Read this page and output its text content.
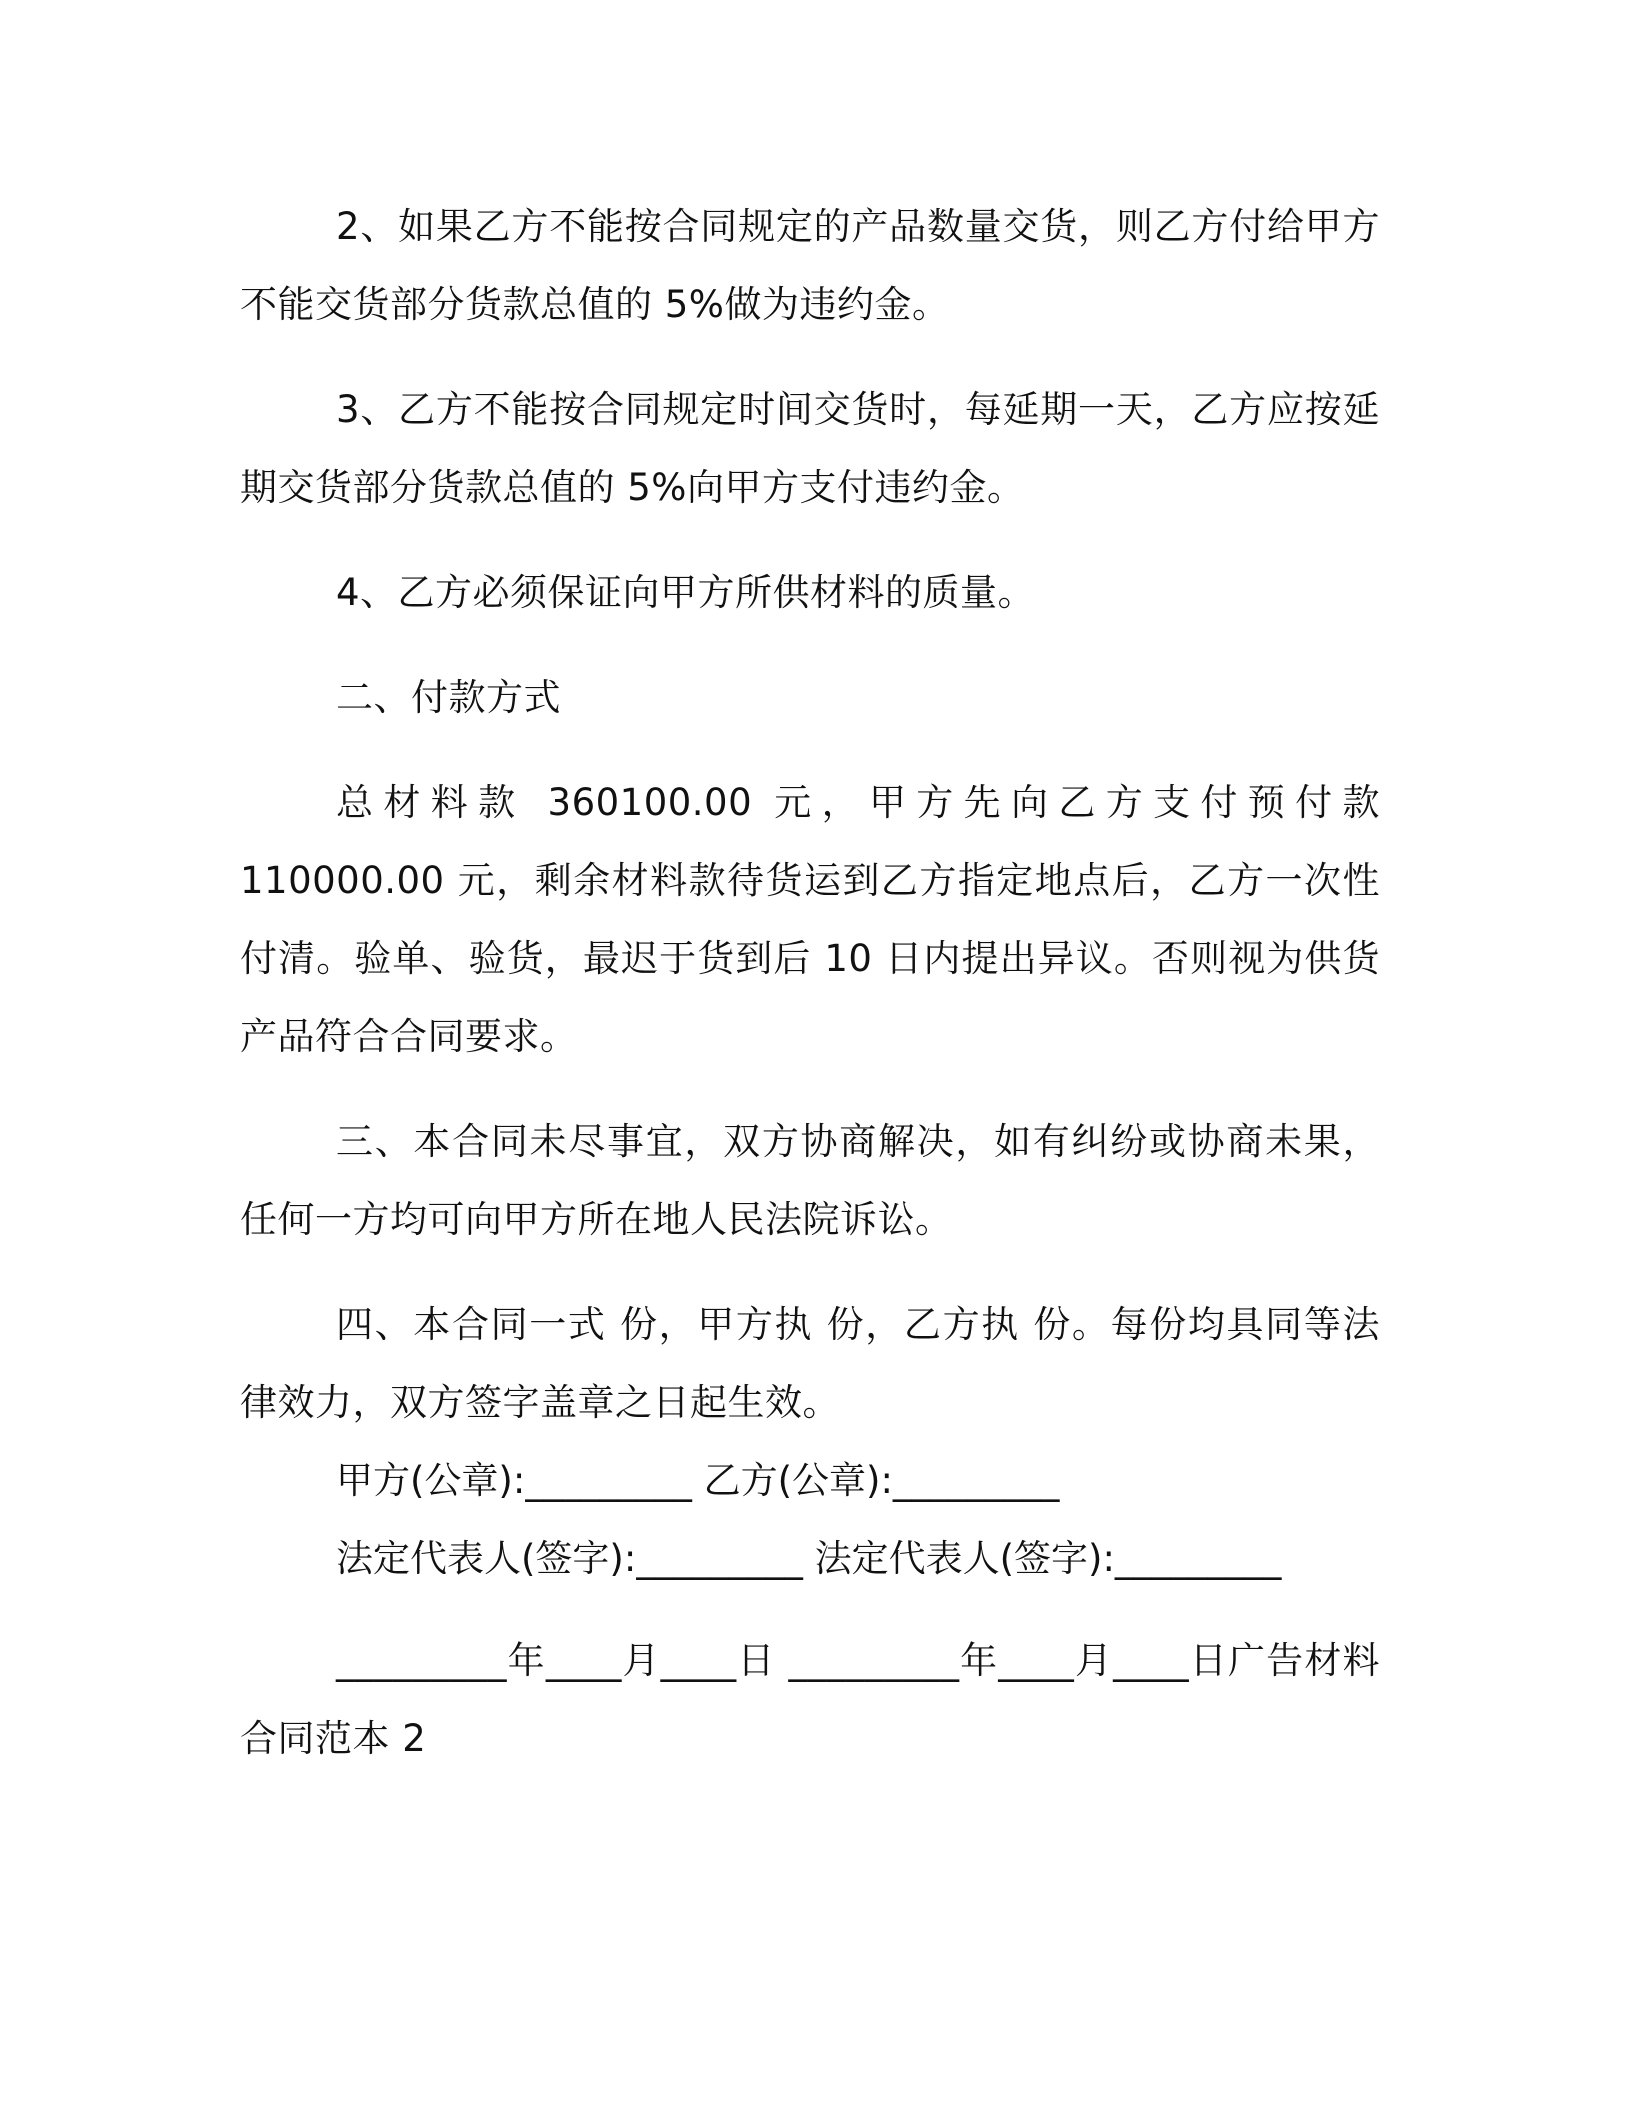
2、如果乙方不能按合同规定的产品数量交货，则乙方付给甲方不能交货部分货款总值的 5%做为违约金。

3、乙方不能按合同规定时间交货时，每延期一天，乙方应按延期交货部分货款总值的 5%向甲方支付违约金。

4、乙方必须保证向甲方所供材料的质量。

二、付款方式

总材料款 360100.00 元，甲方先向乙方支付预付款 110000.00 元，剩余材料款待货运到乙方指定地点后，乙方一次性付清。验单、验货，最迟于货到后 10 日内提出异议。否则视为供货产品符合合同要求。

三、本合同未尽事宜，双方协商解决，如有纠纷或协商未果，任何一方均可向甲方所在地人民法院诉讼。

四、本合同一式 份，甲方执 份，乙方执 份。每份均具同等法律效力，双方签字盖章之日起生效。

甲方(公章):_________ 乙方(公章):_________

法定代表人(签字):_________ 法定代表人(签字):_________

_________年____月____日 _________年____月____日广告材料合同范本 2
